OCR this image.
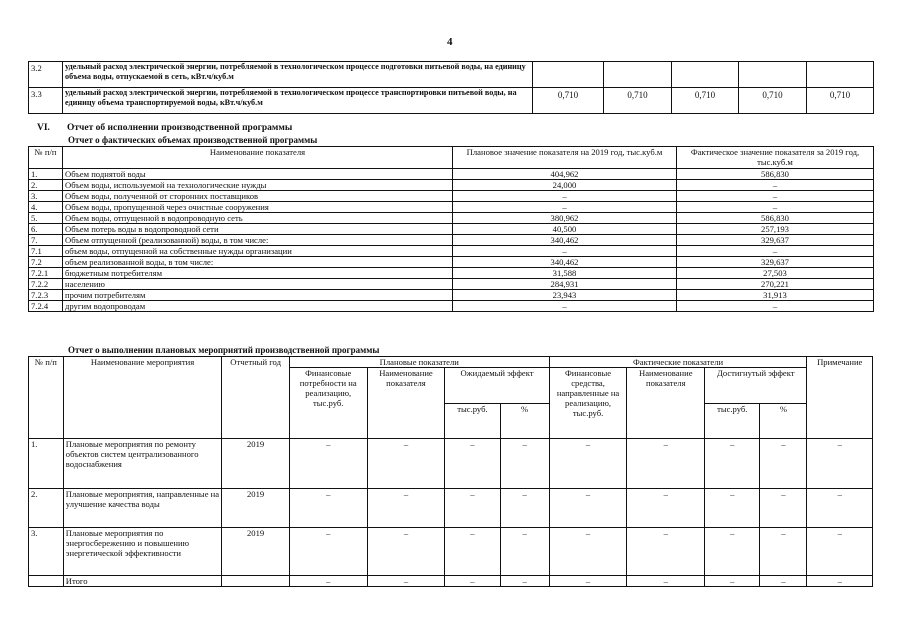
4
3.2	удельный расход электрической энергии, потребляемой в технологическом процессе подготовки питьевой воды, на единицу объема воды, отпускаемой в сеть, кВт.ч/куб.м					
3.3	удельный расход электрической энергии, потребляемой в технологическом процессе транспортировки питьевой воды, на единицу объема транспортируемой воды, кВт.ч/куб.м	0,710	0,710	0,710	0,710	0,710
VI. Отчет об исполнении производственной программы
Отчет о фактических объемах производственной программы
№ п/п	Наименование показателя	Плановое значение показателя на 2019 год, тыс.куб.м	Фактическое значение показателя за 2019 год, тыс.куб.м
1.	Объем поднятой воды	404,962	586,830
2.	Объем воды, используемой на технологические нужды	24,000	–
3.	Объем воды, полученной от сторонних поставщиков	–	–
4.	Объем воды, пропущенной через очистные сооружения	–	–
5.	Объем воды, отпущенной в водопроводную сеть	380,962	586,830
6.	Объем потерь воды в водопроводной сети	40,500	257,193
7.	Объем отпущенной (реализованной) воды, в том числе:	340,462	329,637
7.1	объем воды, отпущенной на собственные нужды организации	–	–
7.2	объем реализованной воды, в том числе:	340,462	329,637
7.2.1	бюджетным потребителям	31,588	27,503
7.2.2	населению	284,931	270,221
7.2.3	прочим потребителям	23,943	31,913
7.2.4	другим водопроводам	–	–
Отчет о выполнении плановых мероприятий производственной программы
№ п/п	Наименование мероприятия	Отчетный год	Плановые показатели				Фактические показатели				Примечание
			Финансовые потребности на реализацию, тыс.руб.	Наименование показателя	Ожидаемый эффект		Финансовые средства, направленные на реализацию, тыс.руб.	Наименование показателя	Достигнутый эффект		
					тыс.руб.	%			тыс.руб.	%	
1.	Плановые мероприятия по ремонту объектов систем централизованного водоснабжения	2019	–	–	–	–	–	–	–	–	–
2.	Плановые мероприятия, направленные на улучшение качества воды	2019	–	–	–	–	–	–	–	–	–
3.	Плановые мероприятия по энергосбережению и повышению энергетической эффективности	2019	–	–	–	–	–	–	–	–	–
	Итого		–	–	–	–	–	–	–	–	–
